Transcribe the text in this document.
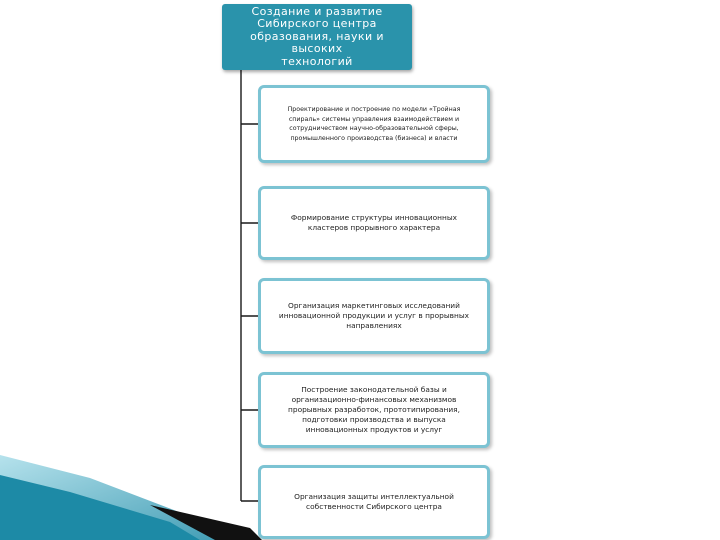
Создание и развитие
Сибирского центра
образования, науки и высоких
технологий
Проектирование и построение по модели «Тройная
спираль» системы управления взаимодействием и
сотрудничеством научно-образовательной сферы,
промышленного производства (бизнеса) и власти
Формирование структуры инновационных
кластеров прорывного характера
Организация маркетинговых исследований
инновационной продукции и услуг в прорывных
направлениях
Построение законодательной базы и
организационно-финансовых механизмов
прорывных разработок, прототипирования,
подготовки производства и выпуска
инновационных продуктов и услуг
Организация защиты интеллектуальной
собственности Сибирского центра
